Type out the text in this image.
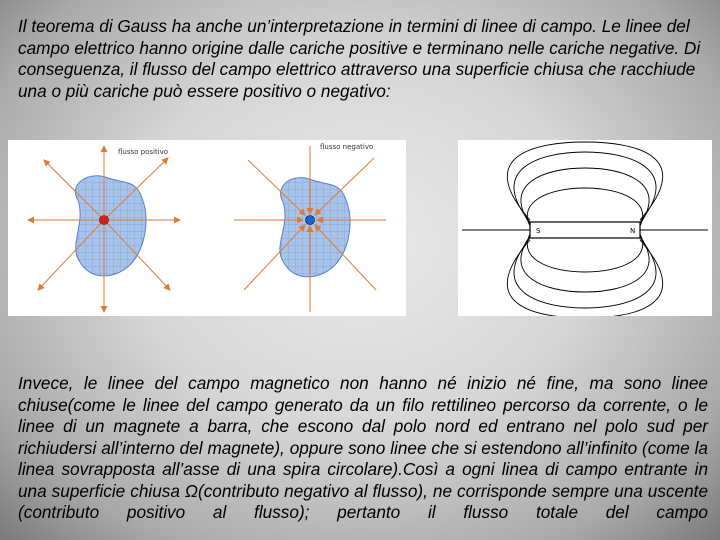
Il teorema di Gauss ha anche un’interpretazione in termini di linee di campo. Le linee del campo elettrico hanno origine dalle cariche positive e terminano nelle cariche negative. Di conseguenza, il flusso del campo elettrico attraverso una superficie chiusa che racchiude una o più cariche può essere positivo o negativo:

flusso positivo
flusso negativo
S	N

Invece, le linee del campo magnetico non hanno né inizio né fine, ma sono linee chiuse(come le linee del campo generato da un filo rettilineo percorso da corrente, o le linee di un magnete a barra, che escono dal polo nord ed entrano nel polo sud per richiudersi all’interno del magnete), oppure sono linee che si estendono all’infinito (come la linea sovrapposta all’asse di una spira circolare).Così a ogni linea di campo entrante in una superficie chiusa Ω(contributo negativo al flusso), ne corrisponde sempre una uscente (contributo positivo al flusso); pertanto il flusso totale del campo
